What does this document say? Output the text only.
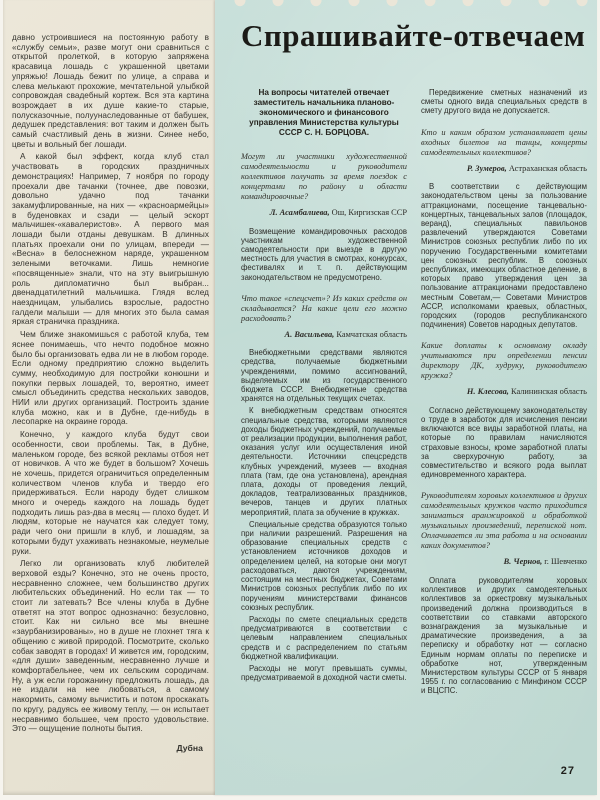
давно устроившиеся на постоянную работу в «службу семьи», разве могут они сравниться с открытой пролеткой, в которую запряжена красавица лошадь с украшенной цветами упряжью! Лошадь бежит по улице, а справа и слева мелькают прохожие, мечтательной улыбкой сопровождая свадебный кортеж. Вся эта картина возрождает в их душе какие-то старые, полусказочные, полуунаследованные от бабушек, дедушек представления: вот таким и должен быть самый счастливый день в жизни. Синее небо, цветы и вольный бег лошади.

А какой был эффект, когда клуб стал участвовать в городских праздничных демонстрациях! Например, 7 ноября по городу проехали две тачанки (точнее, две повозки, довольно удачно под тачанки закамуфлированные, на них — «красноармейцы» в буденовках и сзади — целый эскорт мальчишек-«кавалеристов». А первого мая лошади были отданы девушкам. В длинных платьях проехали они по улицам, впереди — «Весна» в белоснежном наряде, украшенном зелеными веточками. Лишь немногие «посвященные» знали, что на эту выигрышную роль дипломатично был выбран... двенадцатилетний мальчишка. Глядя вслед наездницам, улыбались взрослые, радостно галдели малыши — для многих это была самая яркая страничка праздника.

Чем ближе знакомишься с работой клуба, тем яснее понимаешь, что нечто подобное можно было бы организовать едва ли не в любом городе. Если одному предприятию сложно выделить сумму, необходимую для постройки конюшни и покупки первых лошадей, то, вероятно, имеет смысл объединить средства нескольких заводов, НИИ или других организаций. Построить здание клуба можно, как и в Дубне, где-нибудь в лесопарке на окраине города.

Конечно, у каждого клуба будут свои особенности, свои проблемы. Так, в Дубне, маленьком городе, без всякой рекламы отбоя нет от новичков. А что же будет в большом? Хочешь не хочешь, придется ограничиться определенным количеством членов клуба и твердо его придерживаться. Если народу будет слишком много и очередь каждого на лошадь будет подходить лишь раз-два в месяц — плохо будет. И людям, которые не научатся как следует тому, ради чего они пришли в клуб, и лошадям, за которыми будут ухаживать незнакомые, неумелые руки.

Легко ли организовать клуб любителей верховой езды? Конечно, это не очень просто, несравненно сложнее, чем большинство других любительских объединений. Но если так — то стоит ли затевать? Все члены клуба в Дубне ответят на этот вопрос однозначно: безусловно, стоит. Как ни сильно все мы внешне «заурбанизированы», но в душе не глохнет тяга к общению с живой природой. Посмотрите, сколько собак заводят в городах! И живется им, городским, «для души» заведенным, несравненно лучше и комфортабельнее, чем их сельским сородичам. Ну, а уж если горожанину предложить лошадь, да не издали на нее любоваться, а самому накормить, самому вычистить и потом проскакать по кругу, радуясь ее живому теплу, — он испытает несравнимо большее, чем просто удовольствие. Это — ощущение полноты бытия.

Дубна

Спрашивайте-отвечаем

На вопросы читателей отвечает заместитель начальника планово-экономического и финансового управления Министерства культуры СССР С. Н. БОРЦОВА.

Могут ли участники художественной самодеятельности и руководители коллективов получать за время поездок с концертами по району и области командировочные?

Л. Асамбалиева, Ош, Киргизская ССР

Возмещение командировочных расходов участникам художественной самодеятельности при выезде в другую местность для участия в смотрах, конкурсах, фестивалях и т. п. действующим законодательством не предусмотрено.

Что такое «спецсчет»? Из каких средств он складывается? На какие цели его можно расходовать?

А. Васильева, Камчатская область

Внебюджетными средствами являются средства, получаемые бюджетными учреждениями, помимо ассигнований, выделяемых им из государственного бюджета СССР. Внебюджетные средства хранятся на отдельных текущих счетах.

К внебюджетным средствам относятся специальные средства, которыми являются доходы бюджетных учреждений, получаемые от реализации продукции, выполнения работ, оказания услуг или осуществления иной деятельности. Источники спецсредств клубных учреждений, музеев — входная плата (там, где она установлена), арендная плата, доходы от проведения лекций, докладов, театрализованных праздников, вечеров, танцев и других платных мероприятий, плата за обучение в кружках.

Специальные средства образуются только при наличии разрешений. Разрешения на образование специальных средств с установлением источников доходов и определением целей, на которые они могут расходоваться, даются учреждениям, состоящим на местных бюджетах, Советами Министров союзных республик либо по их поручениям министерствами финансов союзных республик.

Расходы по смете специальных средств предусматриваются в соответствии с целевым направлением специальных средств и с распределением по статьям бюджетной квалификации.

Расходы не могут превышать суммы, предусматриваемой в доходной части сметы.

Передвижение сметных назначений из сметы одного вида специальных средств в смету другого вида не допускается.

Кто и каким образом устанавливает цены входных билетов на танцы, концерты самодеятельных коллективов?

Р. Зумеров, Астраханская область

В соответствии с действующим законодательством цены за пользование аттракционами, посещение танцевально-концертных, танцевальных залов (площадок, веранд), специальных павильонов развлечений утверждаются Советами Министров союзных республик либо по их поручению Государственными комитетами цен союзных республик. В союзных республиках, имеющих областное деление, в которых право утверждения цен за пользование аттракционами предоставлено местным Советам,— Советами Министров АССР, исполкомами краевых, областных, городских (городов республиканского подчинения) Советов народных депутатов.

Какие доплаты к основному окладу учитываются при определении пенсии директору ДК, худруку, руководителю кружка?

Н. Клесова, Калининская область

Согласно действующему законодательству о труде в заработок для исчисления пенсии включаются все виды заработной платы, на которые по правилам начисляются страховые взносы, кроме заработной платы за сверхурочную работу, за совместительство и всякого рода выплат единовременного характера.

Руководителям хоровых коллективов и других самодеятельных кружков часто приходится заниматься аранжировкой и обработкой музыкальных произведений, перепиской нот. Оплачивается ли эта работа и на основании каких документов?

В. Чернов, г. Шевченко

Оплата руководителям хоровых коллективов и других самодеятельных коллективов за оркестровку музыкальных произведений должна производиться в соответствии со ставками авторского вознаграждения за музыкальные и драматические произведения, а за переписку и обработку нот — согласно Единым нормам оплаты по переписке и обработке нот, утвержденным Министерством культуры СССР от 5 января 1955 г. по согласованию с Минфином СССР и ВЦСПС.

27
